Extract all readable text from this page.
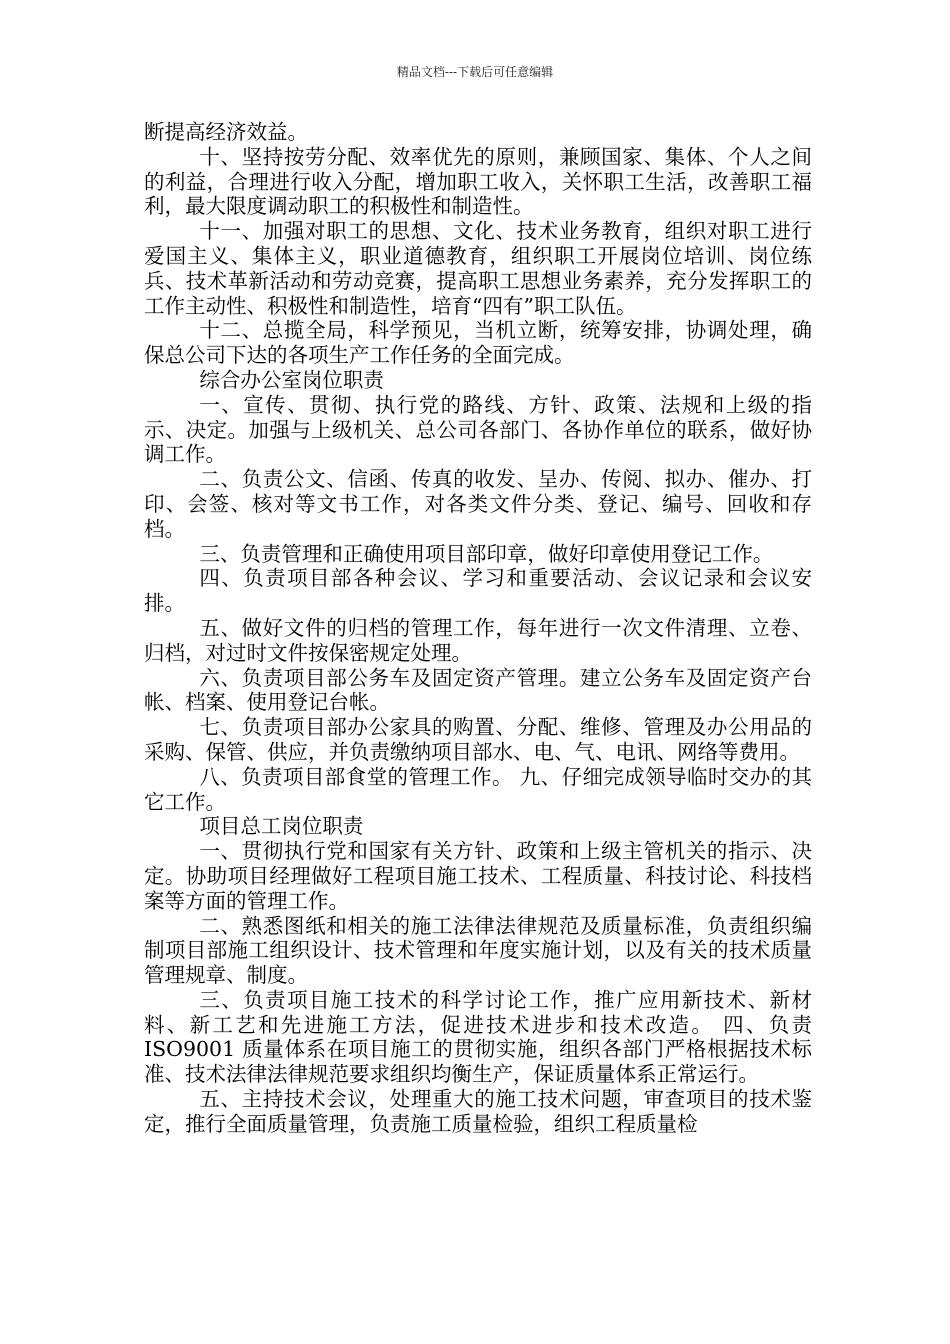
精品文档---下载后可任意编辑

断提高经济效益。

十、坚持按劳分配、效率优先的原则，兼顾国家、集体、个人之间的利益，合理进行收入分配，增加职工收入，关怀职工生活，改善职工福利，最大限度调动职工的积极性和制造性。

十一、加强对职工的思想、文化、技术业务教育，组织对职工进行爱国主义、集体主义，职业道德教育，组织职工开展岗位培训、岗位练兵、技术革新活动和劳动竞赛，提高职工思想业务素养，充分发挥职工的工作主动性、积极性和制造性，培育“四有”职工队伍。

十二、总揽全局，科学预见，当机立断，统筹安排，协调处理，确保总公司下达的各项生产工作任务的全面完成。

综合办公室岗位职责

一、宣传、贯彻、执行党的路线、方针、政策、法规和上级的指示、决定。加强与上级机关、总公司各部门、各协作单位的联系，做好协调工作。

二、负责公文、信函、传真的收发、呈办、传阅、拟办、催办、打印、会签、核对等文书工作，对各类文件分类、登记、编号、回收和存档。

三、负责管理和正确使用项目部印章，做好印章使用登记工作。

四、负责项目部各种会议、学习和重要活动、会议记录和会议安排。

五、做好文件的归档的管理工作，每年进行一次文件清理、立卷、归档，对过时文件按保密规定处理。

六、负责项目部公务车及固定资产管理。建立公务车及固定资产台帐、档案、使用登记台帐。

七、负责项目部办公家具的购置、分配、维修、管理及办公用品的采购、保管、供应，并负责缴纳项目部水、电、气、电讯、网络等费用。

八、负责项目部食堂的管理工作。 九、仔细完成领导临时交办的其它工作。

项目总工岗位职责

一、贯彻执行党和国家有关方针、政策和上级主管机关的指示、决定。协助项目经理做好工程项目施工技术、工程质量、科技讨论、科技档案等方面的管理工作。

二、熟悉图纸和相关的施工法律法律规范及质量标准，负责组织编制项目部施工组织设计、技术管理和年度实施计划，以及有关的技术质量管理规章、制度。

三、负责项目施工技术的科学讨论工作，推广应用新技术、新材料、新工艺和先进施工方法，促进技术进步和技术改造。 四、负责 ISO9001 质量体系在项目施工的贯彻实施，组织各部门严格根据技术标准、技术法律法律规范要求组织均衡生产，保证质量体系正常运行。

五、主持技术会议，处理重大的施工技术问题，审查项目的技术鉴定，推行全面质量管理，负责施工质量检验，组织工程质量检
